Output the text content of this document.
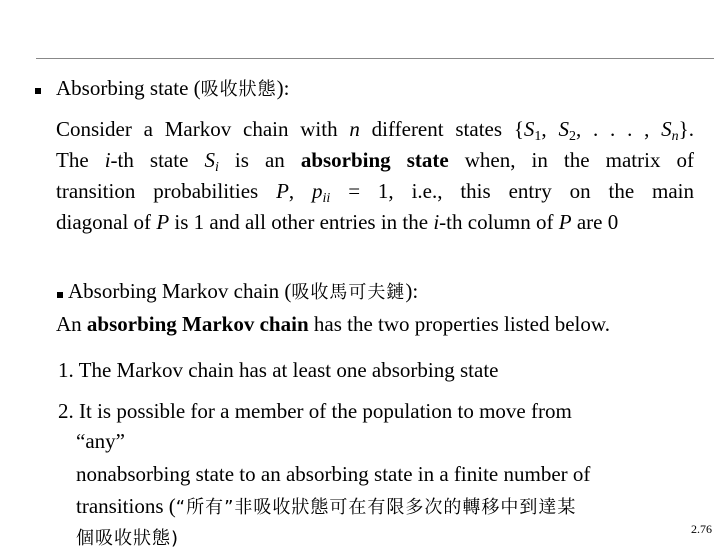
Absorbing state (吸收狀態):
Consider a Markov chain with n different states {$S_1$, $S_2$, . . . , $S_n$}.
The i-th state $S_i$ is an absorbing state when, in the matrix of
transition probabilities P, $p_{ii} = 1$, i.e., this entry on the main
diagonal of P is 1 and all other entries in the i-th column of P are 0
Absorbing Markov chain (吸收馬可夫鏈):
An absorbing Markov chain has the two properties listed below.
1. The Markov chain has at least one absorbing state
2. It is possible for a member of the population to move from
“any”
nonabsorbing state to an absorbing state in a finite number of
transitions (“所有”非吸收狀態可在有限多次的轉移中到達某
個吸收狀態)	2.76
